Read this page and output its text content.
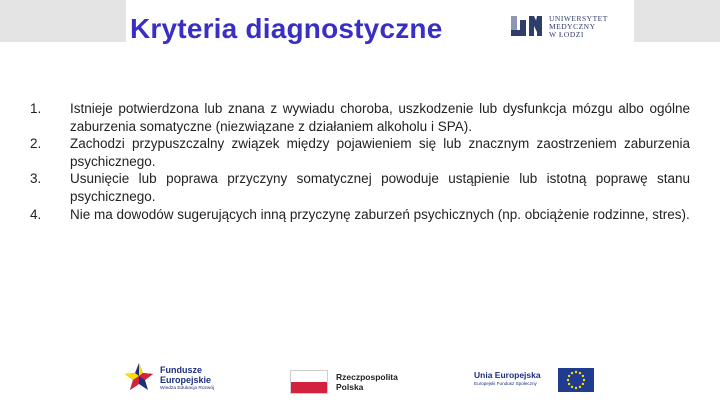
Kryteria diagnostyczne	UNIWERSYTET
MEDYCZNY
W ŁODZI
1.	Istnieje potwierdzona lub znana z wywiadu choroba, uszkodzenie lub dysfunkcja mózgu albo ogólne zaburzenia somatyczne (niezwiązane z działaniem alkoholu i SPA).
2.	Zachodzi przypuszczalny związek między pojawieniem się lub znacznym zaostrzeniem zaburzenia psychicznego.
3.	Usunięcie lub poprawa przyczyny somatycznej powoduje ustąpienie lub istotną poprawę stanu psychicznego.
4.	Nie ma dowodów sugerujących inną przyczynę zaburzeń psychicznych (np. obciążenie rodzinne, stres).
Fundusze
Europejskie
Wiedza Edukacja Rozwój
Rzeczpospolita
Polska
Unia Europejska
Europejski Fundusz Społeczny
